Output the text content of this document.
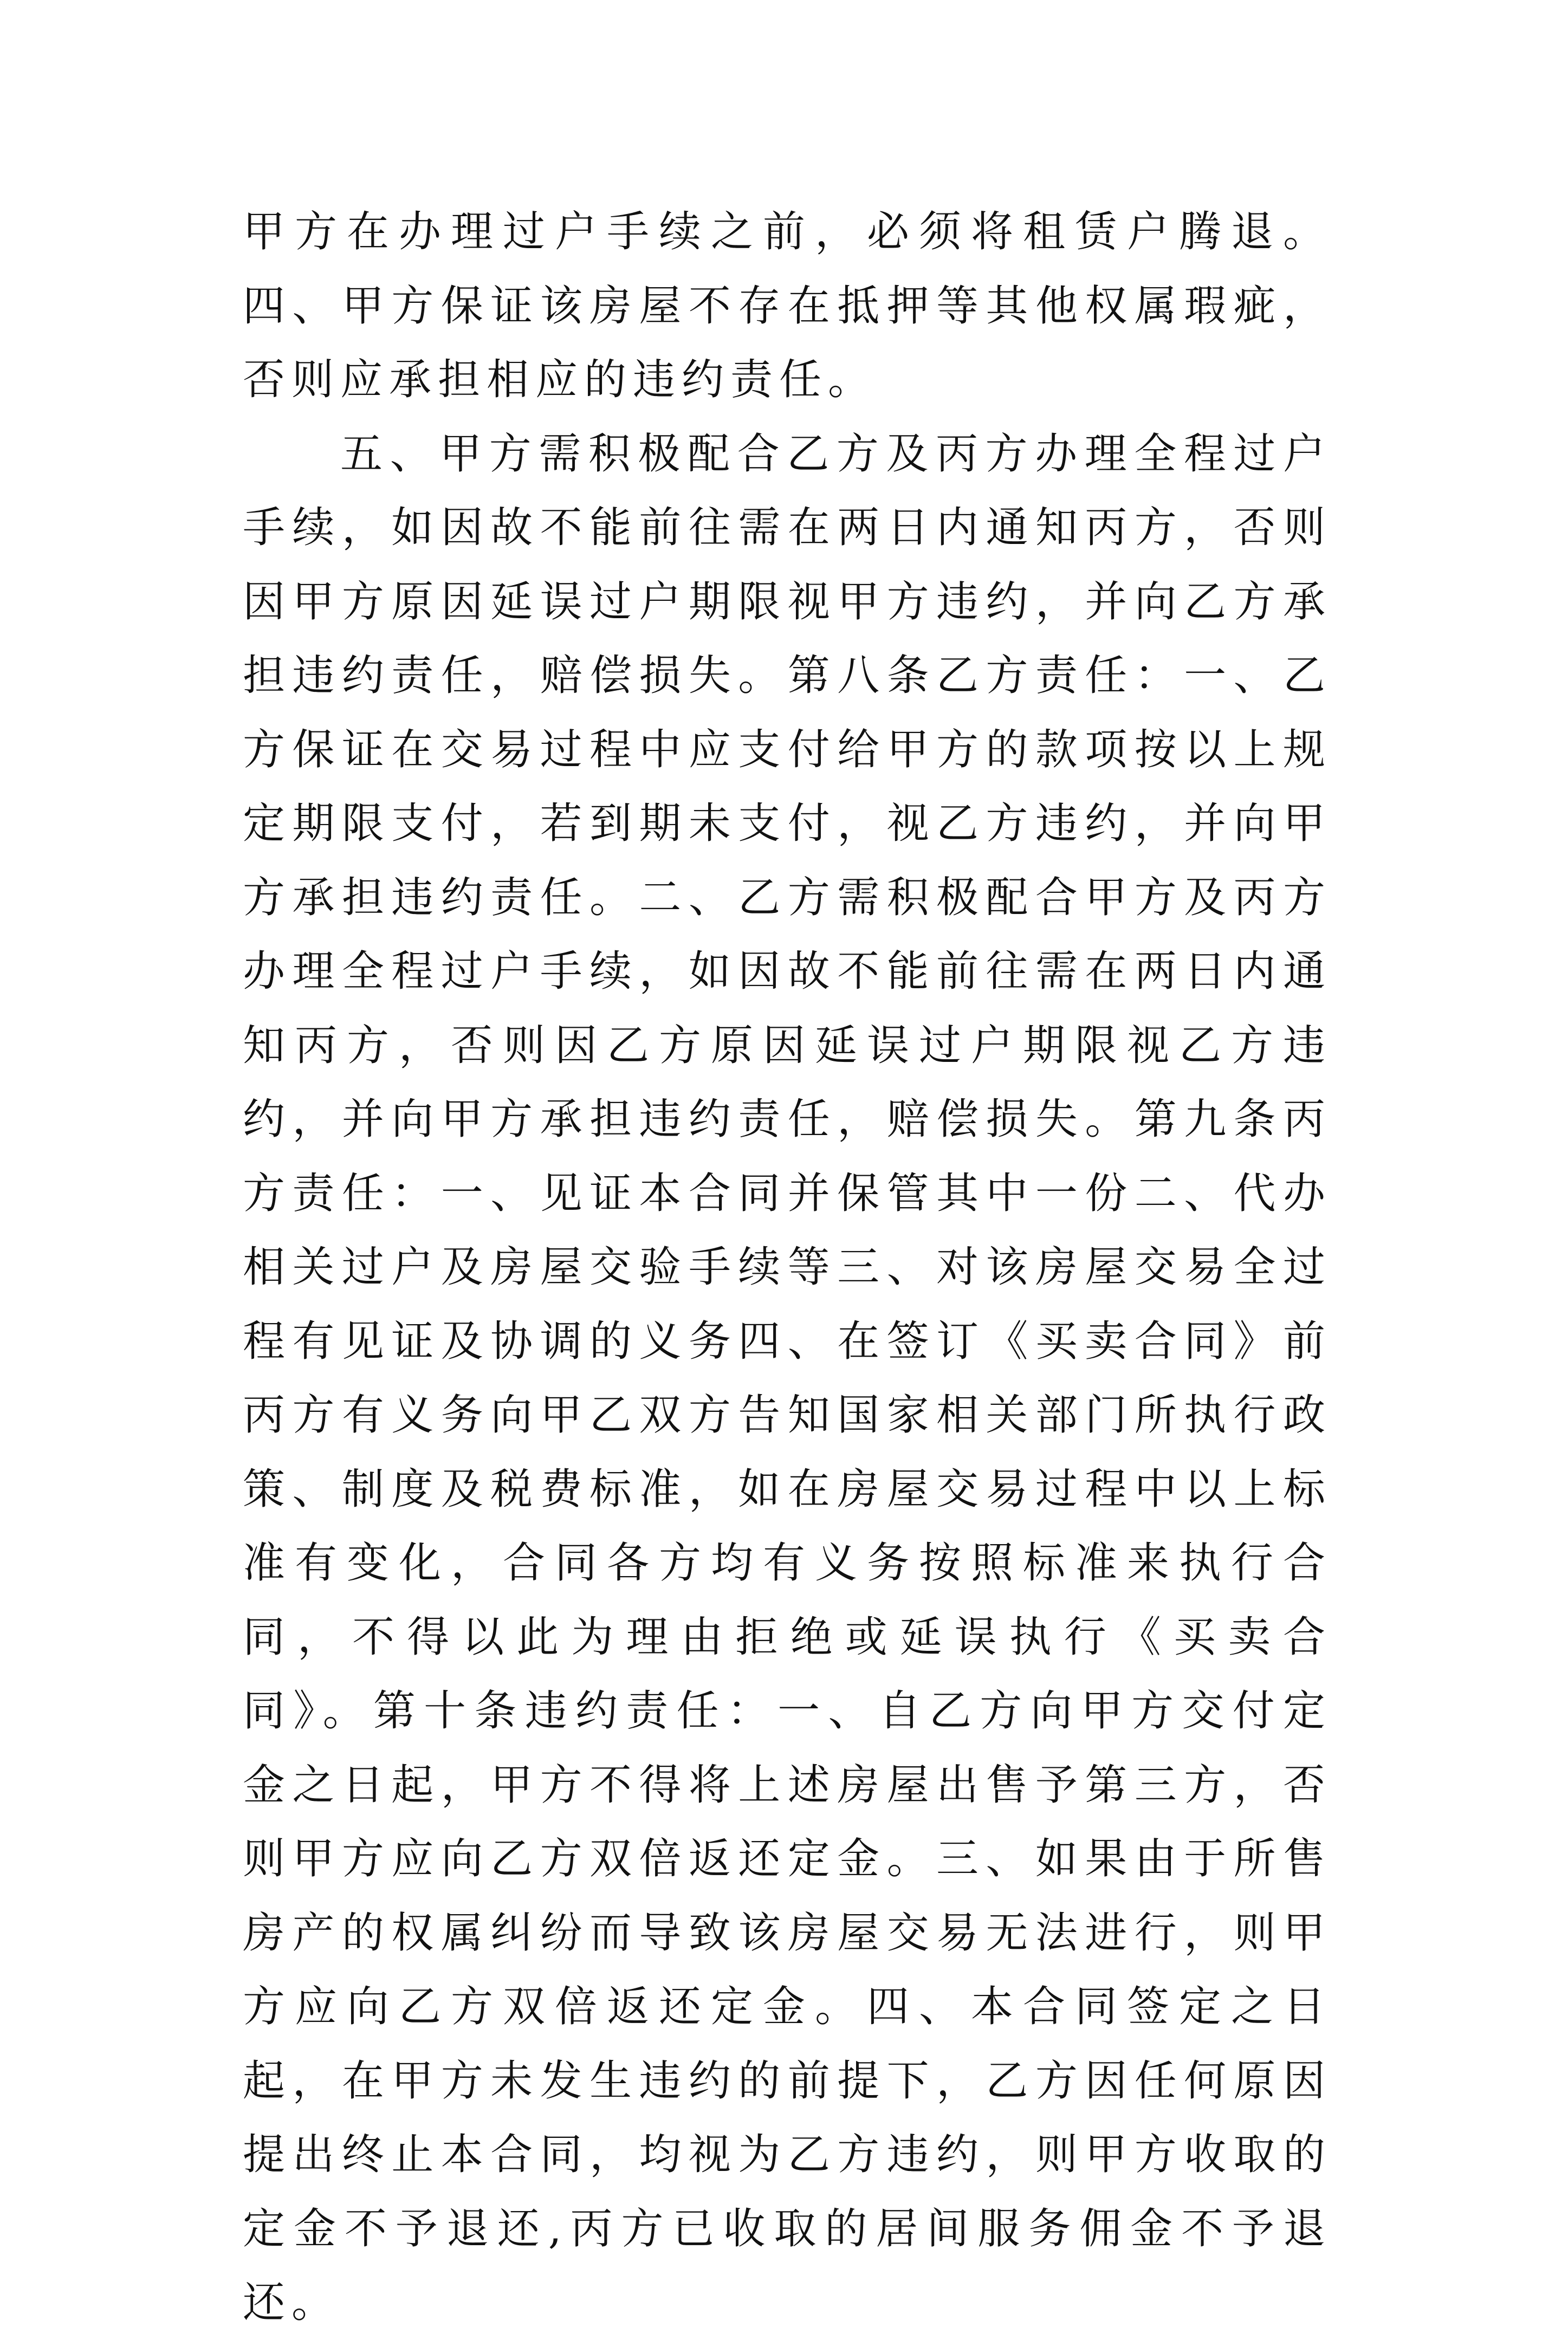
甲方在办理过户手续之前，必须将租赁户腾退。四、甲方保证该房屋不存在抵押等其他权属瑕疵，否则应承担相应的违约责任。

五、甲方需积极配合乙方及丙方办理全程过户手续，如因故不能前往需在两日内通知丙方，否则因甲方原因延误过户期限视甲方违约，并向乙方承担违约责任，赔偿损失。第八条乙方责任：一、乙方保证在交易过程中应支付给甲方的款项按以上规定期限支付，若到期未支付，视乙方违约，并向甲方承担违约责任。二、乙方需积极配合甲方及丙方办理全程过户手续，如因故不能前往需在两日内通知丙方，否则因乙方原因延误过户期限视乙方违约，并向甲方承担违约责任，赔偿损失。第九条丙方责任：一、见证本合同并保管其中一份二、代办相关过户及房屋交验手续等三、对该房屋交易全过程有见证及协调的义务四、在签订《买卖合同》前丙方有义务向甲乙双方告知国家相关部门所执行政策、制度及税费标准，如在房屋交易过程中以上标准有变化，合同各方均有义务按照标准来执行合同，不得以此为理由拒绝或延误执行《买卖合同》。第十条违约责任：一、自乙方向甲方交付定金之日起，甲方不得将上述房屋出售予第三方，否则甲方应向乙方双倍返还定金。三、如果由于所售房产的权属纠纷而导致该房屋交易无法进行，则甲方应向乙方双倍返还定金。四、本合同签定之日起，在甲方未发生违约的前提下，乙方因任何原因提出终止本合同，均视为乙方违约，则甲方收取的定金不予退还,丙方已收取的居间服务佣金不予退还。
